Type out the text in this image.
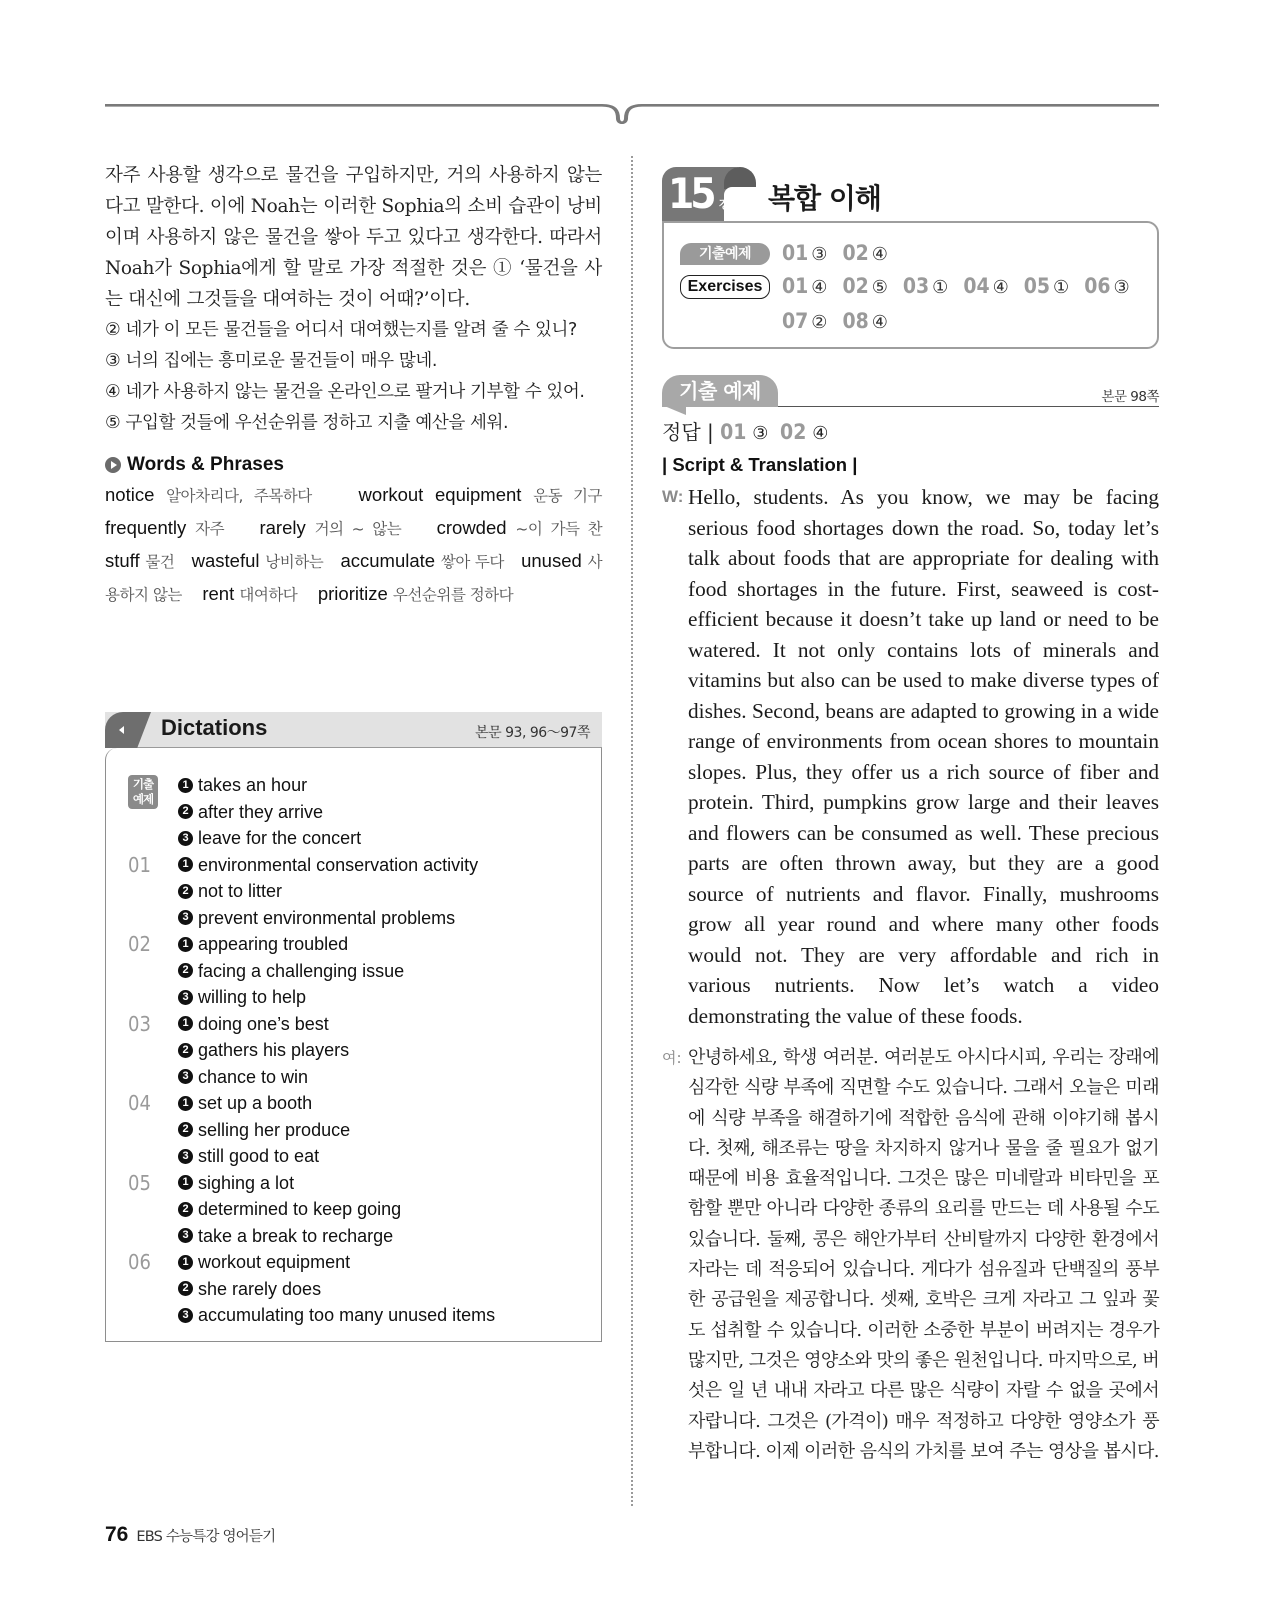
자주 사용할 생각으로 물건을 구입하지만, 거의 사용하지 않는다고 말한다. 이에 Noah는 이러한 Sophia의 소비 습관이 낭비이며 사용하지 않은 물건을 쌓아 두고 있다고 생각한다. 따라서 Noah가 Sophia에게 할 말로 가장 적절한 것은 ① ‘물건을 사는 대신에 그것들을 대여하는 것이 어때?’이다.

② 네가 이 모든 물건들을 어디서 대여했는지를 알려 줄 수 있니?

③ 너의 집에는 흥미로운 물건들이 매우 많네.

④ 네가 사용하지 않는 물건을 온라인으로 팔거나 기부할 수 있어.

⑤ 구입할 것들에 우선순위를 정하고 지출 예산을 세워.

Words & Phrases

notice 알아차리다, 주목하다	workout equipment 운동 기구 frequently 자주 rarely 거의 ~ 않는 crowded ~이 가득 찬 stuff 물건 wasteful 낭비하는 accumulate 쌓아 두다 unused 사용하지 않는 rent 대여하다 prioritize 우선순위를 정하다

Dictations	본문 93, 96～97쪽
기출
예제
1 takes an hour
2 after they arrive
3 leave for the concert
01	1 environmental conservation activity
2 not to litter
3 prevent environmental problems
02	1 appearing troubled
2 facing a challenging issue
3 willing to help
03	1 doing one’s best
2 gathers his players
3 chance to win
04	1 set up a booth
2 selling her produce
3 still good to eat
05	1 sighing a lot
2 determined to keep going
3 take a break to recharge
06	1 workout equipment
2 she rarely does
3 accumulating too many unused items
15 강 복합 이해
기출예제	01 ③ 02 ④
Exercises 01 ④ 02 ⑤ 03 ① 04 ④ 05 ① 06 ③
07 ② 08 ④
기출 예제	본문 98쪽
정답 | 01 ③ 02 ④
| Script & Translation |
W: Hello, students. As you know, we may be facing serious food shortages down the road. So, today let’s talk about foods that are appropriate for dealing with food shortages in the future. First, seaweed is cost-efficient because it doesn’t take up land or need to be watered. It not only contains lots of minerals and vitamins but also can be used to make diverse types of dishes. Second, beans are adapted to growing in a wide range of environments from ocean shores to mountain slopes. Plus, they offer us a rich source of fiber and protein. Third, pumpkins grow large and their leaves and flowers can be consumed as well. These precious parts are often thrown away, but they are a good source of nutrients and flavor. Finally, mushrooms grow all year round and where many other foods would not. They are very affordable and rich in various nutrients. Now let’s watch a video demonstrating the value of these foods.

여: 안녕하세요, 학생 여러분. 여러분도 아시다시피, 우리는 장래에 심각한 식량 부족에 직면할 수도 있습니다. 그래서 오늘은 미래에 식량 부족을 해결하기에 적합한 음식에 관해 이야기해 봅시다. 첫째, 해조류는 땅을 차지하지 않거나 물을 줄 필요가 없기 때문에 비용 효율적입니다. 그것은 많은 미네랄과 비타민을 포함할 뿐만 아니라 다양한 종류의 요리를 만드는 데 사용될 수도 있습니다. 둘째, 콩은 해안가부터 산비탈까지 다양한 환경에서 자라는 데 적응되어 있습니다. 게다가 섬유질과 단백질의 풍부한 공급원을 제공합니다. 셋째, 호박은 크게 자라고 그 잎과 꽃도 섭취할 수 있습니다. 이러한 소중한 부분이 버려지는 경우가 많지만, 그것은 영양소와 맛의 좋은 원천입니다. 마지막으로, 버섯은 일 년 내내 자라고 다른 많은 식량이 자랄 수 없을 곳에서 자랍니다. 그것은 (가격이) 매우 적정하고 다양한 영양소가 풍부합니다. 이제 이러한 음식의 가치를 보여 주는 영상을 봅시다.

76 EBS 수능특강 영어듣기
